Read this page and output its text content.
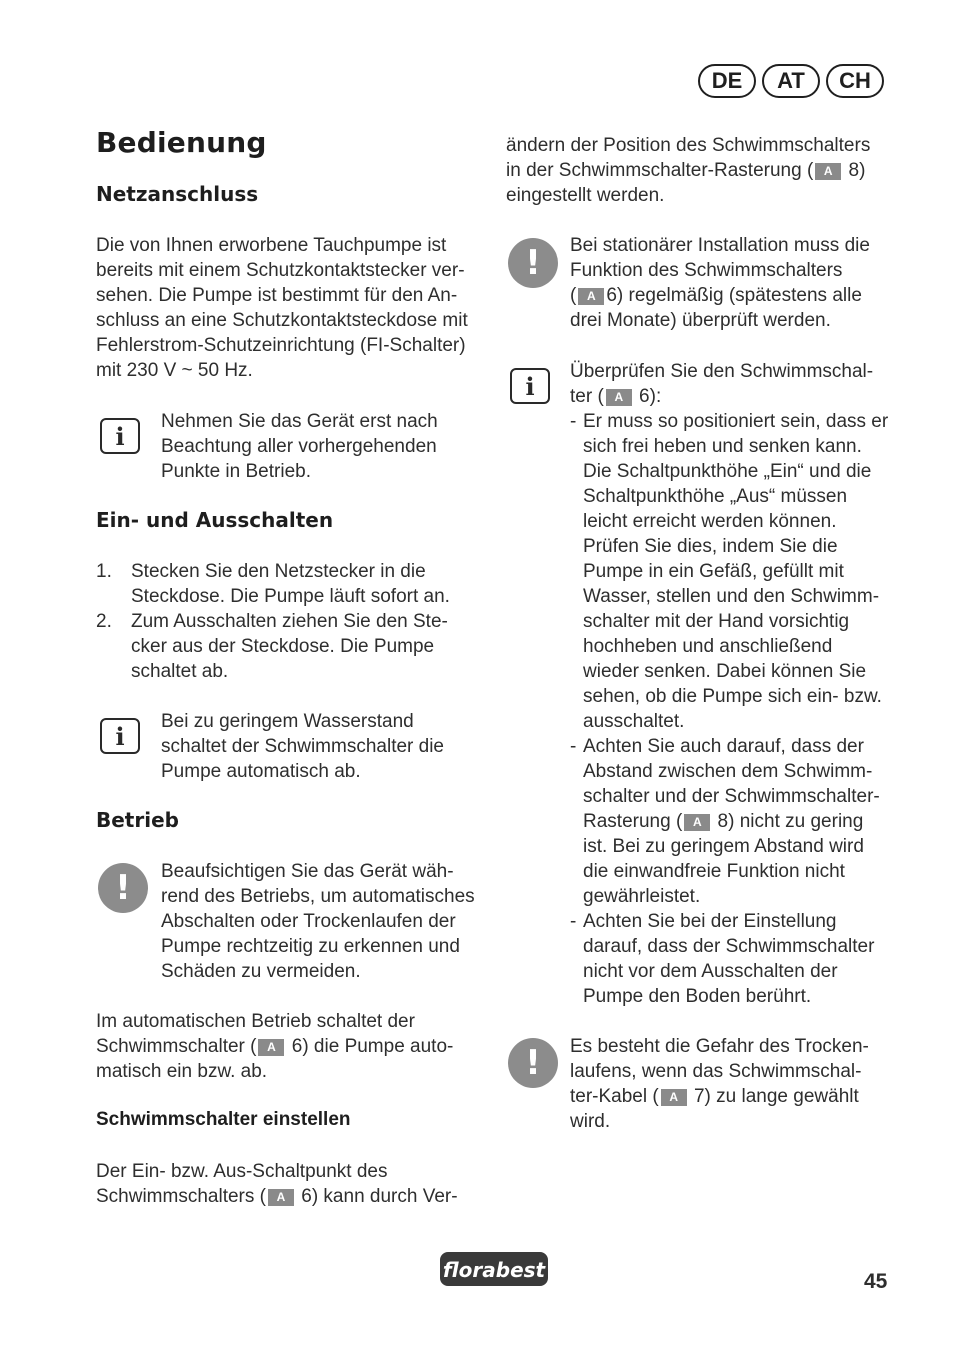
DE AT CH
Bedienung
Netzanschluss
Die von Ihnen erworbene Tauchpumpe ist
bereits mit einem Schutzkontaktstecker ver-
sehen. Die Pumpe ist bestimmt für den An-
schluss an eine Schutzkontaktsteckdose mit
Fehlerstrom-Schutzeinrichtung (FI-Schalter)
mit 230 V ~ 50 Hz.
i
Nehmen Sie das Gerät erst nach
Beachtung aller vorhergehenden
Punkte in Betrieb.
Ein- und Ausschalten
1. Stecken Sie den Netzstecker in die
Steckdose. Die Pumpe läuft sofort an.
2. Zum Ausschalten ziehen Sie den Ste-
cker aus der Steckdose. Die Pumpe
schaltet ab.
i
Bei zu geringem Wasserstand
schaltet der Schwimmschalter die
Pumpe automatisch ab.
Betrieb
!	Beaufsichtigen Sie das Gerät wäh-
rend des Betriebs, um automatisches
Abschalten oder Trockenlaufen der
Pumpe rechtzeitig zu erkennen und
Schäden zu vermeiden.
Im automatischen Betrieb schaltet der
Schwimmschalter ( A 6) die Pumpe auto-
matisch ein bzw. ab.
Schwimmschalter einstellen
Der Ein- bzw. Aus-Schaltpunkt des
Schwimmschalters ( A 6) kann durch Ver-
ändern der Position des Schwimmschalters
in der Schwimmschalter-Rasterung ( A 8)
eingestellt werden.
!	Bei stationärer Installation muss die
Funktion des Schwimmschalters
( A 6) regelmäßig (spätestens alle
drei Monate) überprüft werden.
i
Überprüfen Sie den Schwimmschal-
ter ( A 6):
- Er muss so positioniert sein, dass er
sich frei heben und senken kann.
Die Schaltpunkthöhe „Ein“ und die
Schaltpunkthöhe „Aus“ müssen
leicht erreicht werden können.
Prüfen Sie dies, indem Sie die
Pumpe in ein Gefäß, gefüllt mit
Wasser, stellen und den Schwimm-
schalter mit der Hand vorsichtig
hochheben und anschließend
wieder senken. Dabei können Sie
sehen, ob die Pumpe sich ein- bzw.
ausschaltet.
- Achten Sie auch darauf, dass der
Abstand zwischen dem Schwimm-
schalter und der Schwimmschalter-
Rasterung ( A 8) nicht zu gering
ist. Bei zu geringem Abstand wird
die einwandfreie Funktion nicht
gewährleistet.
- Achten Sie bei der Einstellung
darauf, dass der Schwimmschalter
nicht vor dem Ausschalten der
Pumpe den Boden berührt.
!	Es besteht die Gefahr des Trocken-
laufens, wenn das Schwimmschal-
ter-Kabel ( A 7) zu lange gewählt
wird.
florabest	45
